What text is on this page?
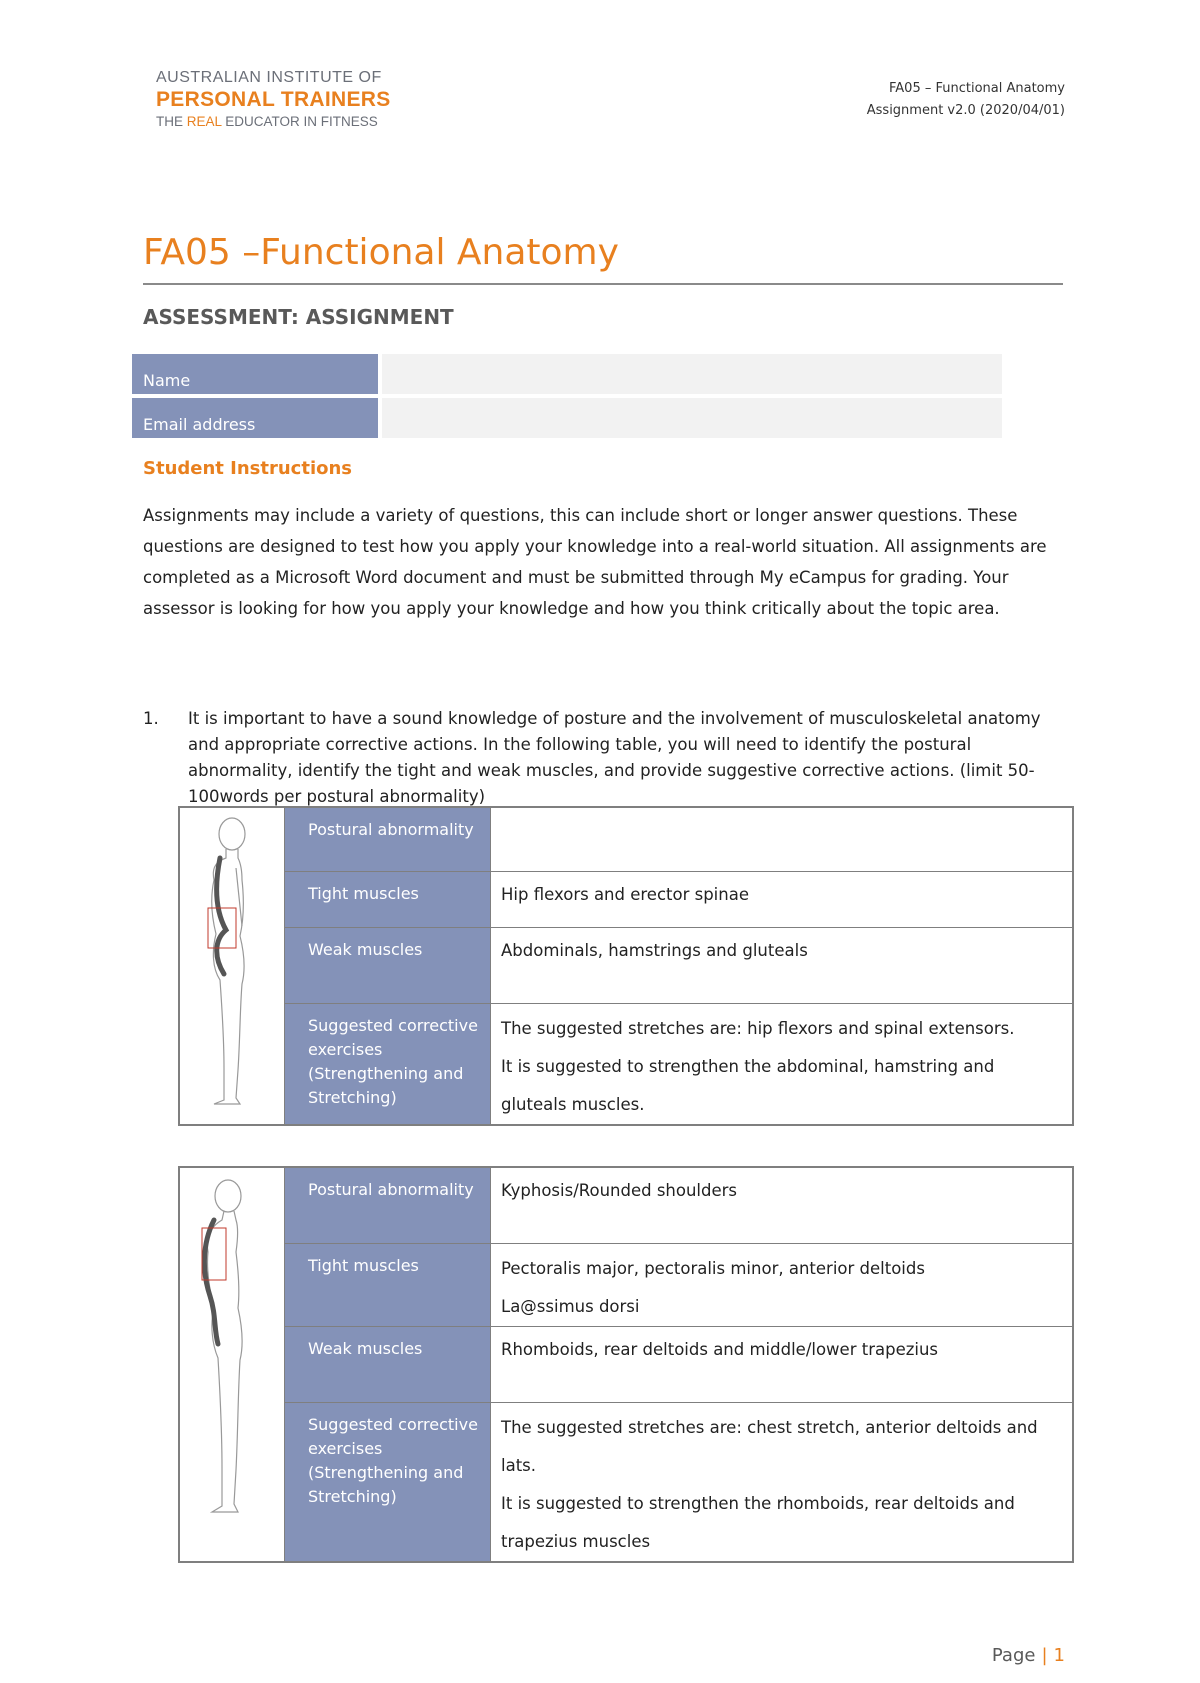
AUSTRALIAN INSTITUTE OF
PERSONAL TRAINERS
THE REAL EDUCATOR IN FITNESS
FA05 – Functional Anatomy
Assignment v2.0 (2020/04/01)
FA05 –Functional Anatomy
ASSESSMENT: ASSIGNMENT
Name	
Email address	
Student Instructions
Assignments may include a variety of questions, this can include short or longer answer questions. These questions are designed to test how you apply your knowledge into a real-world situation. All assignments are completed as a Microsoft Word document and must be submitted through My eCampus for grading. Your assessor is looking for how you apply your knowledge and how you think critically about the topic area.
1. It is important to have a sound knowledge of posture and the involvement of musculoskeletal anatomy and appropriate corrective actions. In the following table, you will need to identify the postural abnormality, identify the tight and weak muscles, and provide suggestive corrective actions. (limit 50-100words per postural abnormality)
	Postural abnormality	
	Tight muscles	Hip flexors and erector spinae
	Weak muscles	Abdominals, hamstrings and gluteals
	Suggested corrective exercises (Strengthening and Stretching)	The suggested stretches are: hip flexors and spinal extensors.
It is suggested to strengthen the abdominal, hamstring and gluteals muscles.
	Postural abnormality	Kyphosis/Rounded shoulders
	Tight muscles	Pectoralis major, pectoralis minor, anterior deltoids
La@ssimus dorsi

	Weak muscles	Rhomboids, rear deltoids and middle/lower trapezius
	Suggested corrective exercises (Strengthening and Stretching)	The suggested stretches are: chest stretch, anterior deltoids and lats.
It is suggested to strengthen the rhomboids, rear deltoids and trapezius muscles
Page | 1
